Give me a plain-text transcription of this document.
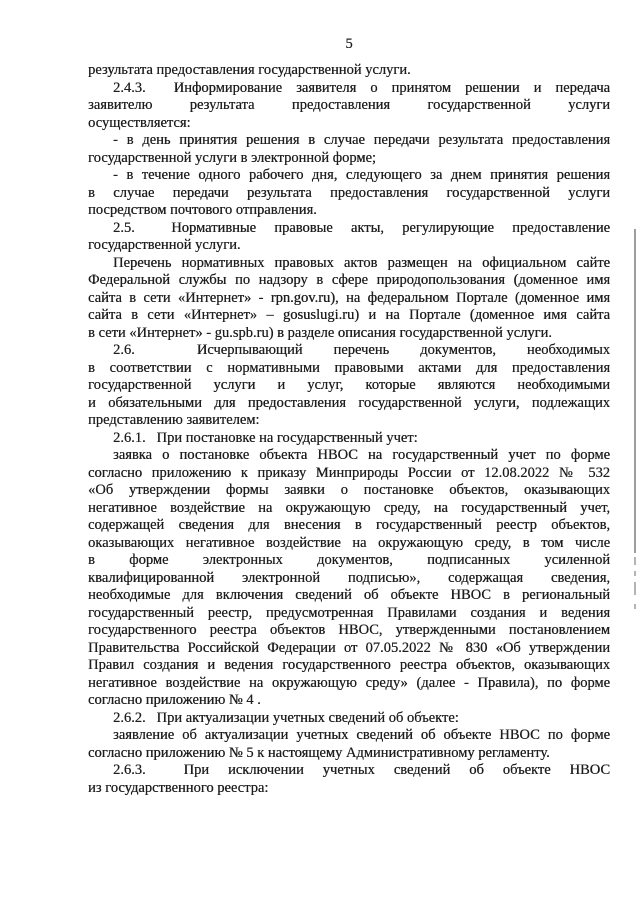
5
результата предоставления государственной услуги.
2.4.3.  Информирование заявителя о принятом решении и передача
заявителю результата предоставления государственной услуги
осуществляется:
- в день принятия решения в случае передачи результата предоставления
государственной услуги в электронной форме;
- в течение одного рабочего дня, следующего за днем принятия решения
в случае передачи результата предоставления государственной услуги
посредством почтового отправления.
2.5.  Нормативные правовые акты, регулирующие предоставление
государственной услуги.
Перечень нормативных правовых актов размещен на официальном сайте
Федеральной службы по надзору в сфере природопользования (доменное имя
сайта в сети «Интернет» - rpn.gov.ru), на федеральном Портале (доменное имя
сайта в сети «Интернет» – gosuslugi.ru) и на Портале (доменное имя сайта
в сети «Интернет» - gu.spb.ru) в разделе описания государственной услуги.
2.6.  Исчерпывающий перечень документов, необходимых
в соответствии с нормативными правовыми актами для предоставления
государственной услуги и услуг, которые являются необходимыми
и обязательными для предоставления государственной услуги, подлежащих
представлению заявителем:
2.6.1.   При постановке на государственный учет:
заявка о постановке объекта НВОС на государственный учет по форме
согласно приложению к приказу Минприроды России от 12.08.2022 № 532
«Об утверждении формы заявки о постановке объектов, оказывающих
негативное воздействие на окружающую среду, на государственный учет,
содержащей сведения для внесения в государственный реестр объектов,
оказывающих негативное воздействие на окружающую среду, в том числе
в форме электронных документов, подписанных усиленной
квалифицированной электронной подписью», содержащая сведения,
необходимые для включения сведений об объекте НВОС в региональный
государственный реестр, предусмотренная Правилами создания и ведения
государственного реестра объектов НВОС, утвержденными постановлением
Правительства Российской Федерации от 07.05.2022 № 830 «Об утверждении
Правил создания и ведения государственного реестра объектов, оказывающих
негативное воздействие на окружающую среду» (далее - Правила), по форме
согласно приложению № 4 .
2.6.2.   При актуализации учетных сведений об объекте:
заявление об актуализации учетных сведений об объекте НВОС по форме
согласно приложению № 5 к настоящему Административному регламенту.
2.6.3.  При исключении учетных сведений об объекте НВОС
из государственного реестра:
